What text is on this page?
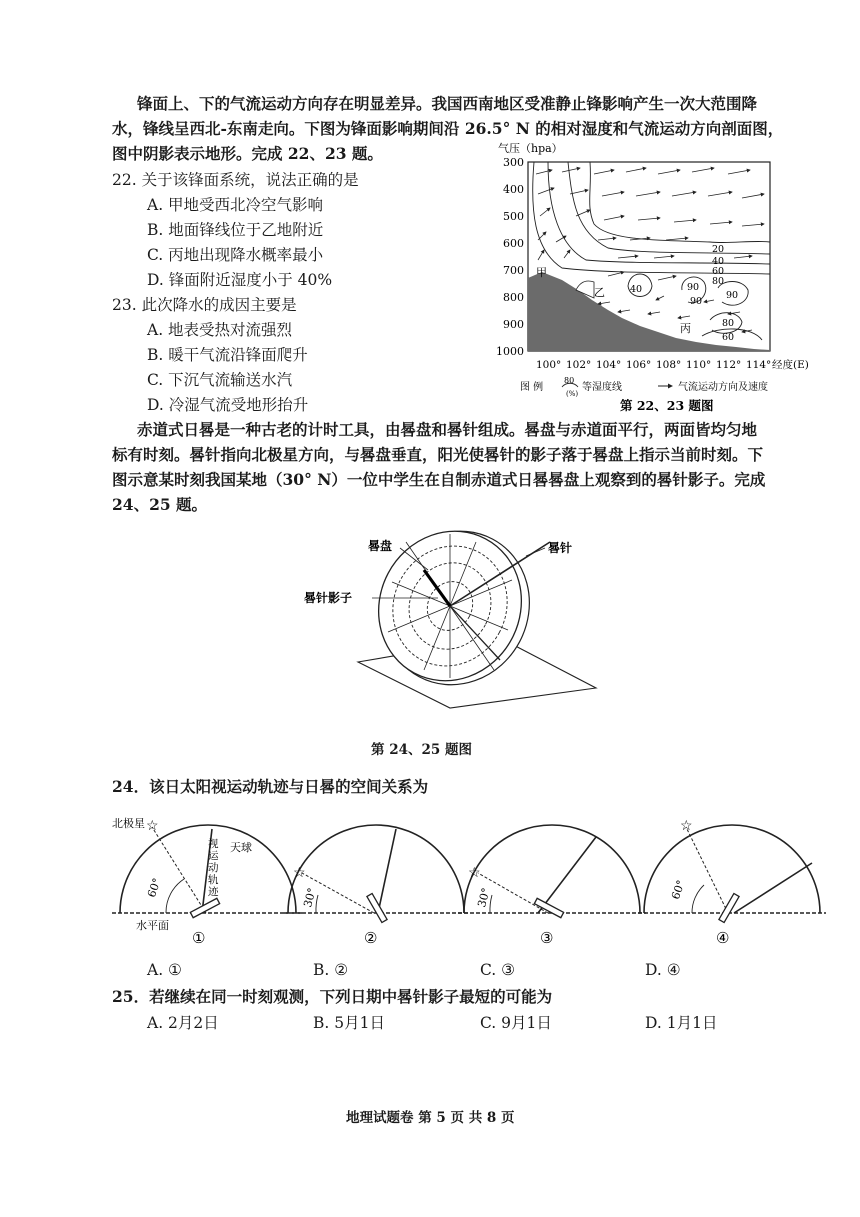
锋面上、下的气流运动方向存在明显差异。我国西南地区受准静止锋影响产生一次大范围降
水，锋线呈西北-东南走向。下图为锋面影响期间沿 26.5° N 的相对湿度和气流运动方向剖面图，
图中阴影表示地形。完成 22、23 题。
22. 关于该锋面系统，说法正确的是
A. 甲地受西北冷空气影响
B. 地面锋线位于乙地附近
C. 丙地出现降水概率最小
D. 锋面附近湿度小于 40%
23. 此次降水的成因主要是
A. 地表受热对流强烈
B. 暖干气流沿锋面爬升
C. 下沉气流输送水汽
D. 冷湿气流受地形抬升
气压（hpa）
300
400
500
600
700
800
900
1000
20
40
60
80
90
40	90
90
80
60
甲
乙
丙
100° 102° 104° 106° 108° 110° 112° 114° 经度(E)
图 例
80
(%)
等湿度线	气流运动方向及速度
第 22、23 题图
赤道式日晷是一种古老的计时工具，由晷盘和晷针组成。晷盘与赤道面平行，两面皆均匀地
标有时刻。晷针指向北极星方向，与晷盘垂直，阳光使晷针的影子落于晷盘上指示当前时刻。下
图示意某时刻我国某地（30° N）一位中学生在自制赤道式日晷晷盘上观察到的晷针影子。完成
24、25 题。
晷盘	晷针
晷针影子
第 24、25 题图
24．该日太阳视运动轨迹与日晷的空间关系为
☆
60°
北极星
天球
视
运
动
轨
迹
水平面
①
☆
30°
②
☆
30°
③
☆
60°
④
A. ①	B. ②	C. ③	D. ④
25．若继续在同一时刻观测，下列日期中晷针影子最短的可能为
A. 2月2日	B. 5月1日	C. 9月1日	D. 1月1日
地理试题卷 第 5 页 共 8 页
